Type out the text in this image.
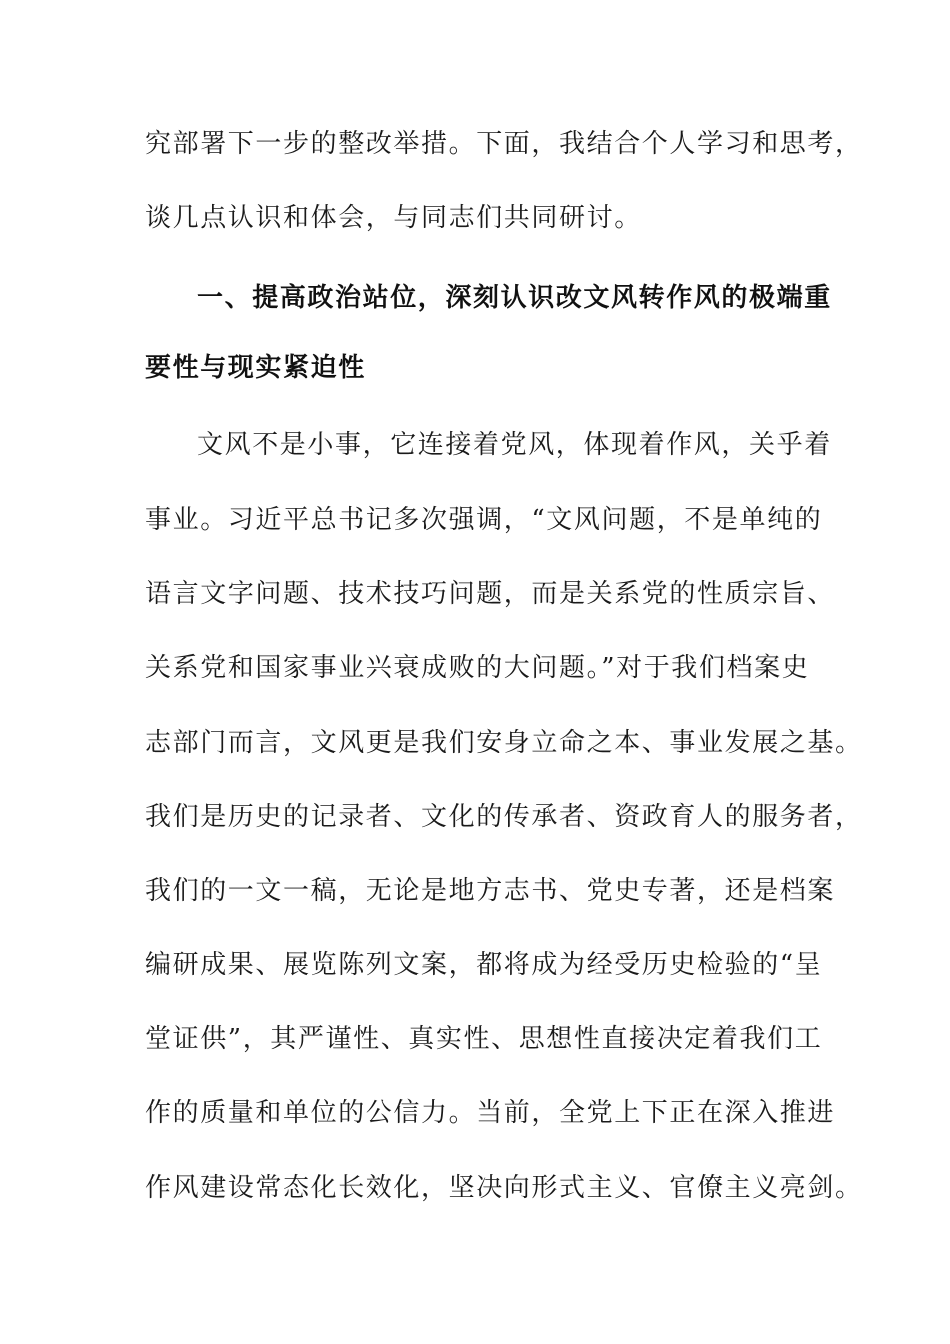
究部署下一步的整改举措。下面，我结合个人学习和思考，
谈几点认识和体会，与同志们共同研讨。
一、提高政治站位，深刻认识改文风转作风的极端重
要性与现实紧迫性
文风不是小事，它连接着党风，体现着作风，关乎着
事业。习近平总书记多次强调，“文风问题，不是单纯的
语言文字问题、技术技巧问题，而是关系党的性质宗旨、
关系党和国家事业兴衰成败的大问题。”对于我们档案史
志部门而言，文风更是我们安身立命之本、事业发展之基。
我们是历史的记录者、文化的传承者、资政育人的服务者，
我们的一文一稿，无论是地方志书、党史专著，还是档案
编研成果、展览陈列文案，都将成为经受历史检验的“呈
堂证供”，其严谨性、真实性、思想性直接决定着我们工
作的质量和单位的公信力。当前，全党上下正在深入推进
作风建设常态化长效化，坚决向形式主义、官僚主义亮剑。
